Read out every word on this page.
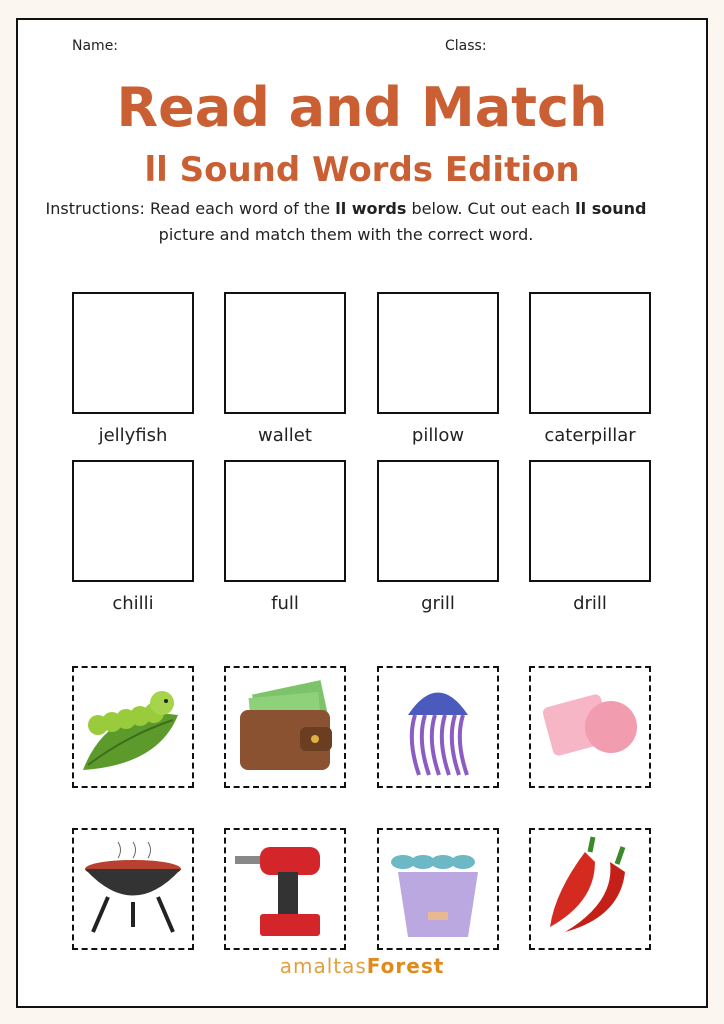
Name:	Class:
Read and Match
ll Sound Words Edition
Instructions: Read each word of the ll words below. Cut out each ll sound picture and match them with the correct word.
jellyfish	wallet	pillow	caterpillar
chilli	full	grill	drill
amaltasForest
